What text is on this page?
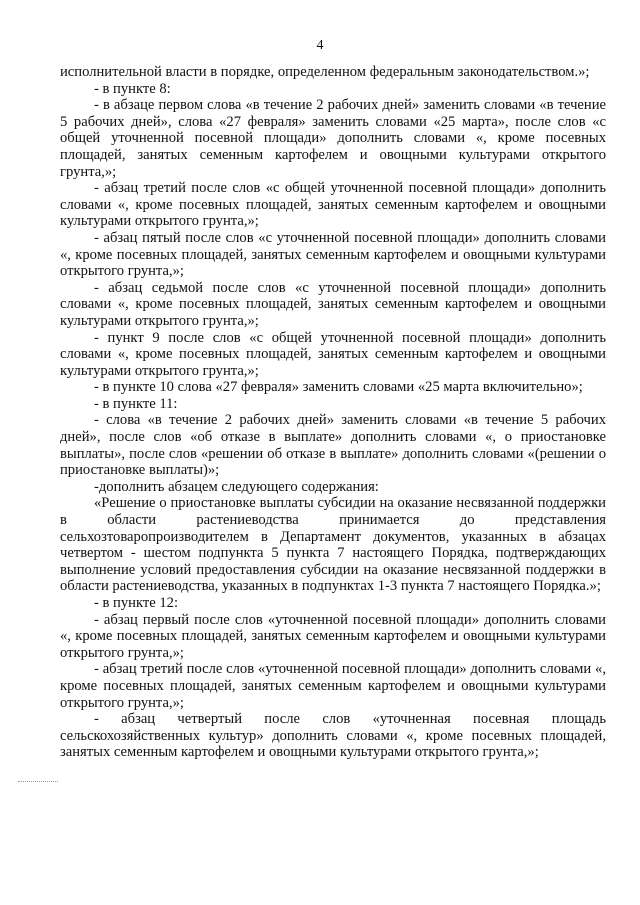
4

исполнительной власти в порядке, определенном федеральным законодательством.»;

- в пункте 8:

- в абзаце первом слова «в течение 2 рабочих дней» заменить словами «в течение 5 рабочих дней», слова «27 февраля» заменить словами «25 марта», после слов «с общей уточненной посевной площади» дополнить словами «, кроме посевных площадей, занятых семенным картофелем и овощными культурами открытого грунта,»;

- абзац третий после слов «с общей уточненной посевной площади» дополнить словами «, кроме посевных площадей, занятых семенным картофелем и овощными культурами открытого грунта,»;

- абзац пятый после слов «с уточненной посевной площади» дополнить словами «, кроме посевных площадей, занятых семенным картофелем и овощными культурами открытого грунта,»;

- абзац седьмой после слов «с уточненной посевной площади» дополнить словами «, кроме посевных площадей, занятых семенным картофелем и овощными культурами открытого грунта,»;

- пункт 9 после слов «с общей уточненной посевной площади» дополнить словами «, кроме посевных площадей, занятых семенным картофелем и овощными культурами открытого грунта,»;

- в пункте 10 слова «27 февраля» заменить словами «25 марта включительно»;

- в пункте 11:

- слова «в течение 2 рабочих дней» заменить словами «в течение 5 рабочих дней», после слов «об отказе в выплате» дополнить словами «, о приостановке выплаты», после слов «решении об отказе в выплате» дополнить словами «(решении о приостановке выплаты)»;

-дополнить абзацем следующего содержания:

«Решение о приостановке выплаты субсидии на оказание несвязанной поддержки в области растениеводства принимается до представления сельхозтоваропроизводителем в Департамент документов, указанных в абзацах четвертом - шестом подпункта 5 пункта 7 настоящего Порядка, подтверждающих выполнение условий предоставления субсидии на оказание несвязанной поддержки в области растениеводства, указанных в подпунктах 1-3 пункта 7 настоящего Порядка.»;

- в пункте 12:

- абзац первый после слов «уточненной посевной площади» дополнить словами «, кроме посевных площадей, занятых семенным картофелем и овощными культурами открытого грунта,»;

- абзац третий после слов «уточненной посевной площади» дополнить словами «, кроме посевных площадей, занятых семенным картофелем и овощными культурами открытого грунта,»;

- абзац четвертый после слов «уточненная посевная площадь сельскохозяйственных культур» дополнить словами «, кроме посевных площадей, занятых семенным картофелем и овощными культурами открытого грунта,»;
